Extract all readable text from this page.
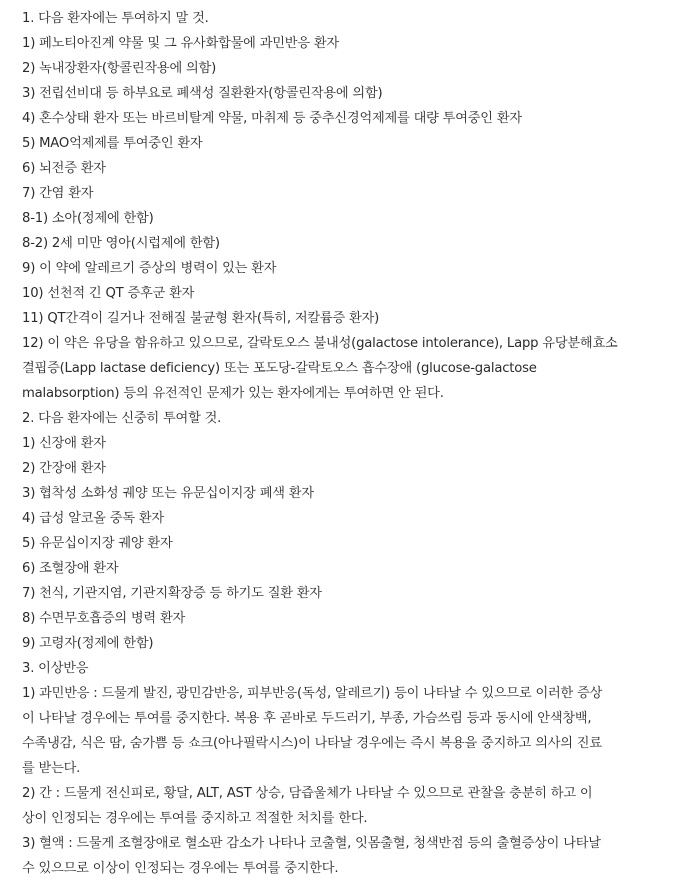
1. 다음 환자에는 투여하지 말 것.
1) 페노티아진계 약물 및 그 유사화합물에 과민반응 환자
2) 녹내장환자(항콜린작용에 의함)
3) 전립선비대 등 하부요로 폐색성 질환환자(항콜린작용에 의함)
4) 혼수상태 환자 또는 바르비탈계 약물, 마취제 등 중추신경억제제를 대량 투여중인 환자
5) MAO억제제를 투여중인 환자
6) 뇌전증 환자
7) 간염 환자
8-1) 소아(정제에 한함)
8-2) 2세 미만 영아(시럽제에 한함)
9) 이 약에 알레르기 증상의 병력이 있는 환자
10) 선천적 긴 QT 증후군 환자
11) QT간격이 길거나 전해질 불균형 환자(특히, 저칼륨증 환자)
12) 이 약은 유당을 함유하고 있으므로, 갈락토오스 불내성(galactose intolerance), Lapp 유당분해효소
결핍증(Lapp lactase deficiency) 또는 포도당-갈락토오스 흡수장애 (glucose-galactose
malabsorption) 등의 유전적인 문제가 있는 환자에게는 투여하면 안 된다.
2. 다음 환자에는 신중히 투여할 것.
1) 신장애 환자
2) 간장애 환자
3) 협착성 소화성 궤양 또는 유문십이지장 폐색 환자
4) 급성 알코올 중독 환자
5) 유문십이지장 궤양 환자
6) 조혈장애 환자
7) 천식, 기관지염, 기관지확장증 등 하기도 질환 환자
8) 수면무호흡증의 병력 환자
9) 고령자(정제에 한함)
3. 이상반응
1) 과민반응 : 드물게 발진, 광민감반응, 피부반응(독성, 알레르기) 등이 나타날 수 있으므로 이러한 증상
이 나타날 경우에는 투여를 중지한다. 복용 후 곧바로 두드러기, 부종, 가슴쓰림 등과 동시에 안색창백,
수족냉감, 식은 땀, 숨가쁨 등 쇼크(아나필락시스)이 나타날 경우에는 즉시 복용을 중지하고 의사의 진료
를 받는다.
2) 간 : 드물게 전신피로, 황달, ALT, AST 상승, 담즙울체가 나타날 수 있으므로 관찰을 충분히 하고 이
상이 인정되는 경우에는 투여를 중지하고 적절한 처치를 한다.
3) 혈액 : 드물게 조혈장애로 혈소판 감소가 나타나 코출혈, 잇몸출혈, 청색반점 등의 출혈증상이 나타날
수 있으므로 이상이 인정되는 경우에는 투여를 중지한다.
